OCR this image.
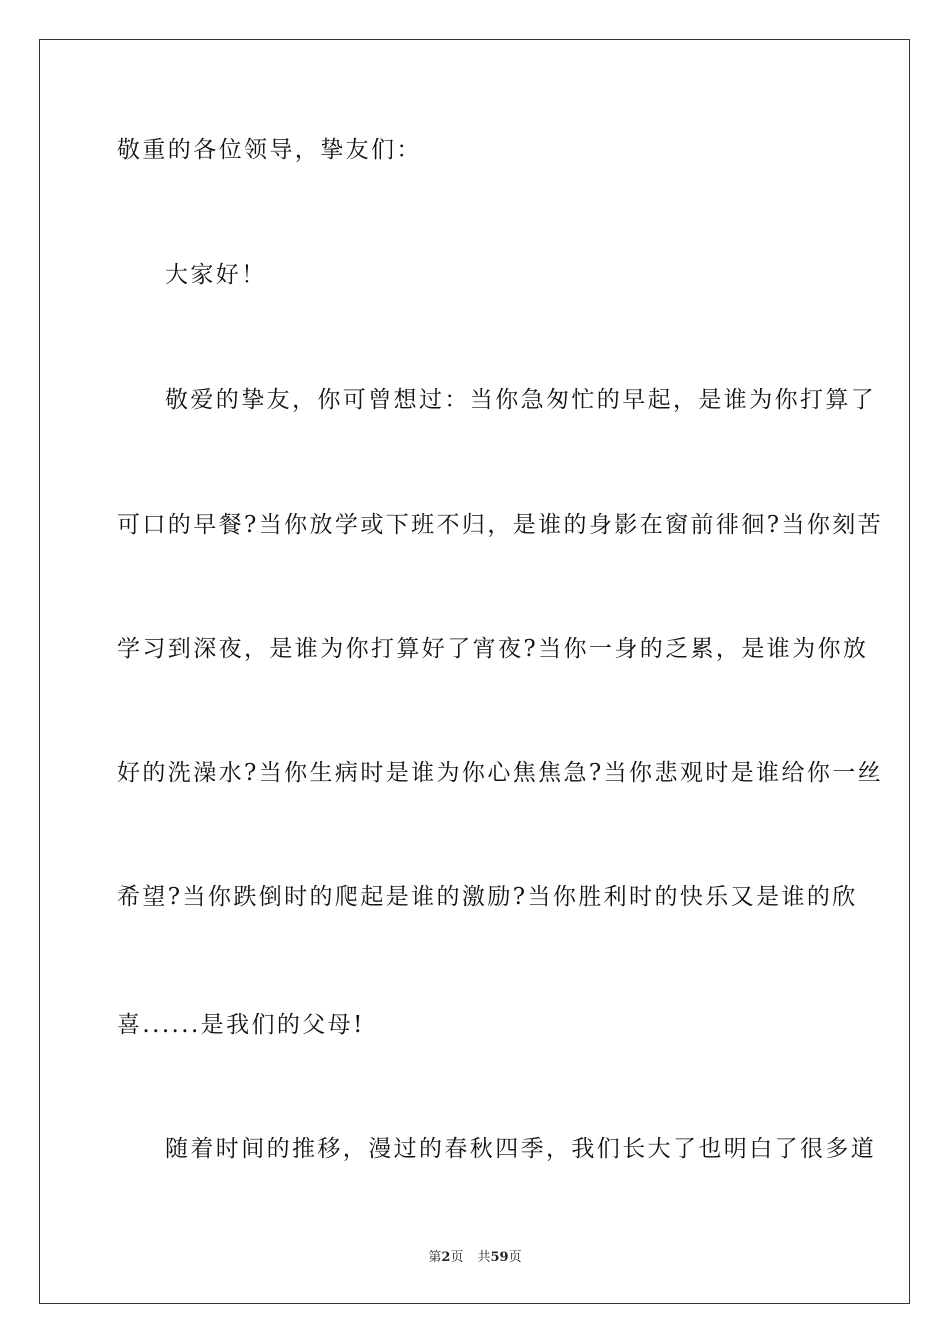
敬重的各位领导，挚友们：
大家好！
敬爱的挚友，你可曾想过：当你急匆忙的早起，是谁为你打算了
可口的早餐?当你放学或下班不归，是谁的身影在窗前徘徊?当你刻苦
学习到深夜，是谁为你打算好了宵夜?当你一身的乏累，是谁为你放
好的洗澡水?当你生病时是谁为你心焦焦急?当你悲观时是谁给你一丝
希望?当你跌倒时的爬起是谁的激励?当你胜利时的快乐又是谁的欣
喜......是我们的父母!
随着时间的推移，漫过的春秋四季，我们长大了也明白了很多道
第2页 共59页
